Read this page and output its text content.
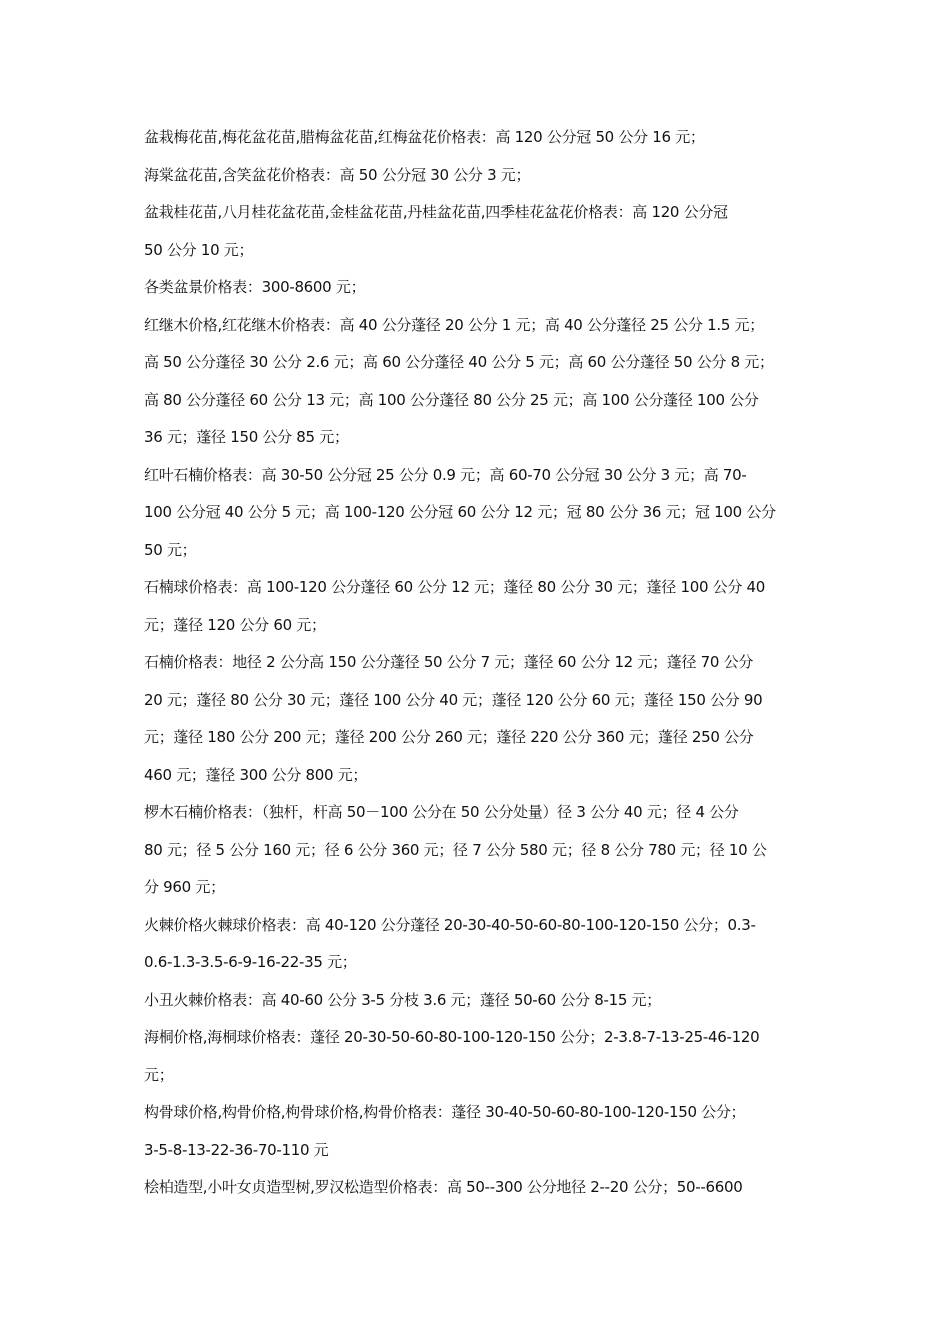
盆栽梅花苗,梅花盆花苗,腊梅盆花苗,红梅盆花价格表：高 120 公分冠 50 公分 16 元；
海棠盆花苗,含笑盆花价格表：高 50 公分冠 30 公分 3 元；
盆栽桂花苗,八月桂花盆花苗,金桂盆花苗,丹桂盆花苗,四季桂花盆花价格表：高 120 公分冠
50 公分 10 元；
各类盆景价格表：300-8600 元；
红继木价格,红花继木价格表：高 40 公分蓬径 20 公分 1 元；高 40 公分蓬径 25 公分 1.5 元；
高 50 公分蓬径 30 公分 2.6 元；高 60 公分蓬径 40 公分 5 元；高 60 公分蓬径 50 公分 8 元；
高 80 公分蓬径 60 公分 13 元；高 100 公分蓬径 80 公分 25 元；高 100 公分蓬径 100 公分
36 元；蓬径 150 公分 85 元；
红叶石楠价格表：高 30-50 公分冠 25 公分 0.9 元；高 60-70 公分冠 30 公分 3 元；高 70-
100 公分冠 40 公分 5 元；高 100-120 公分冠 60 公分 12 元；冠 80 公分 36 元；冠 100 公分
50 元；
石楠球价格表：高 100-120 公分蓬径 60 公分 12 元；蓬径 80 公分 30 元；蓬径 100 公分 40
元；蓬径 120 公分 60 元；
石楠价格表：地径 2 公分高 150 公分蓬径 50 公分 7 元；蓬径 60 公分 12 元；蓬径 70 公分
20 元；蓬径 80 公分 30 元；蓬径 100 公分 40 元；蓬径 120 公分 60 元；蓬径 150 公分 90
元；蓬径 180 公分 200 元；蓬径 200 公分 260 元；蓬径 220 公分 360 元；蓬径 250 公分
460 元；蓬径 300 公分 800 元；
椤木石楠价格表：（独杆，杆高 50－100 公分在 50 公分处量）径 3 公分 40 元；径 4 公分
80 元；径 5 公分 160 元；径 6 公分 360 元；径 7 公分 580 元；径 8 公分 780 元；径 10 公
分 960 元；
火棘价格火棘球价格表：高 40-120 公分蓬径 20-30-40-50-60-80-100-120-150 公分；0.3-
0.6-1.3-3.5-6-9-16-22-35 元；
小丑火棘价格表：高 40-60 公分 3-5 分枝 3.6 元；蓬径 50-60 公分 8-15 元；
海桐价格,海桐球价格表：蓬径 20-30-50-60-80-100-120-150 公分；2-3.8-7-13-25-46-120
元；
构骨球价格,构骨价格,枸骨球价格,构骨价格表：蓬径 30-40-50-60-80-100-120-150 公分；
3-5-8-13-22-36-70-110 元
桧柏造型,小叶女贞造型树,罗汉松造型价格表：高 50--300 公分地径 2--20 公分；50--6600
